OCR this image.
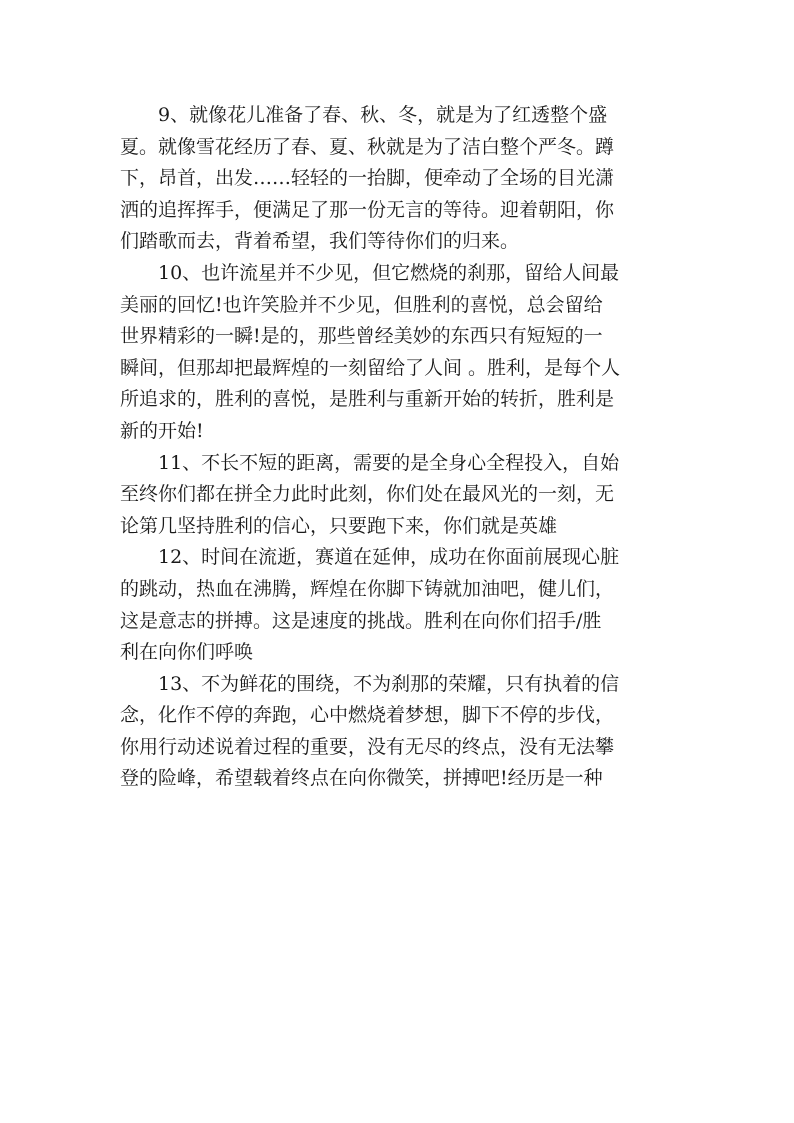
9、就像花儿准备了春、秋、冬，就是为了红透整个盛
夏。就像雪花经历了春、夏、秋就是为了洁白整个严冬。蹲
下，昂首，出发……轻轻的一抬脚，便牵动了全场的目光潇
洒的追挥挥手，便满足了那一份无言的等待。迎着朝阳，你
们踏歌而去，背着希望，我们等待你们的归来。
10、也许流星并不少见，但它燃烧的刹那，留给人间最
美丽的回忆!也许笑脸并不少见，但胜利的喜悦，总会留给
世界精彩的一瞬!是的，那些曾经美妙的东西只有短短的一
瞬间，但那却把最辉煌的一刻留给了人间 。胜利，是每个人
所追求的，胜利的喜悦，是胜利与重新开始的转折，胜利是
新的开始!
11、不长不短的距离，需要的是全身心全程投入，自始
至终你们都在拼全力此时此刻，你们处在最风光的一刻，无
论第几坚持胜利的信心，只要跑下来，你们就是英雄
12、时间在流逝，赛道在延伸，成功在你面前展现心脏
的跳动，热血在沸腾，辉煌在你脚下铸就加油吧，健儿们，
这是意志的拼搏。这是速度的挑战。胜利在向你们招手/胜
利在向你们呼唤
13、不为鲜花的围绕，不为刹那的荣耀，只有执着的信
念，化作不停的奔跑，心中燃烧着梦想，脚下不停的步伐，
你用行动述说着过程的重要，没有无尽的终点，没有无法攀
登的险峰，希望载着终点在向你微笑，拼搏吧!经历是一种
